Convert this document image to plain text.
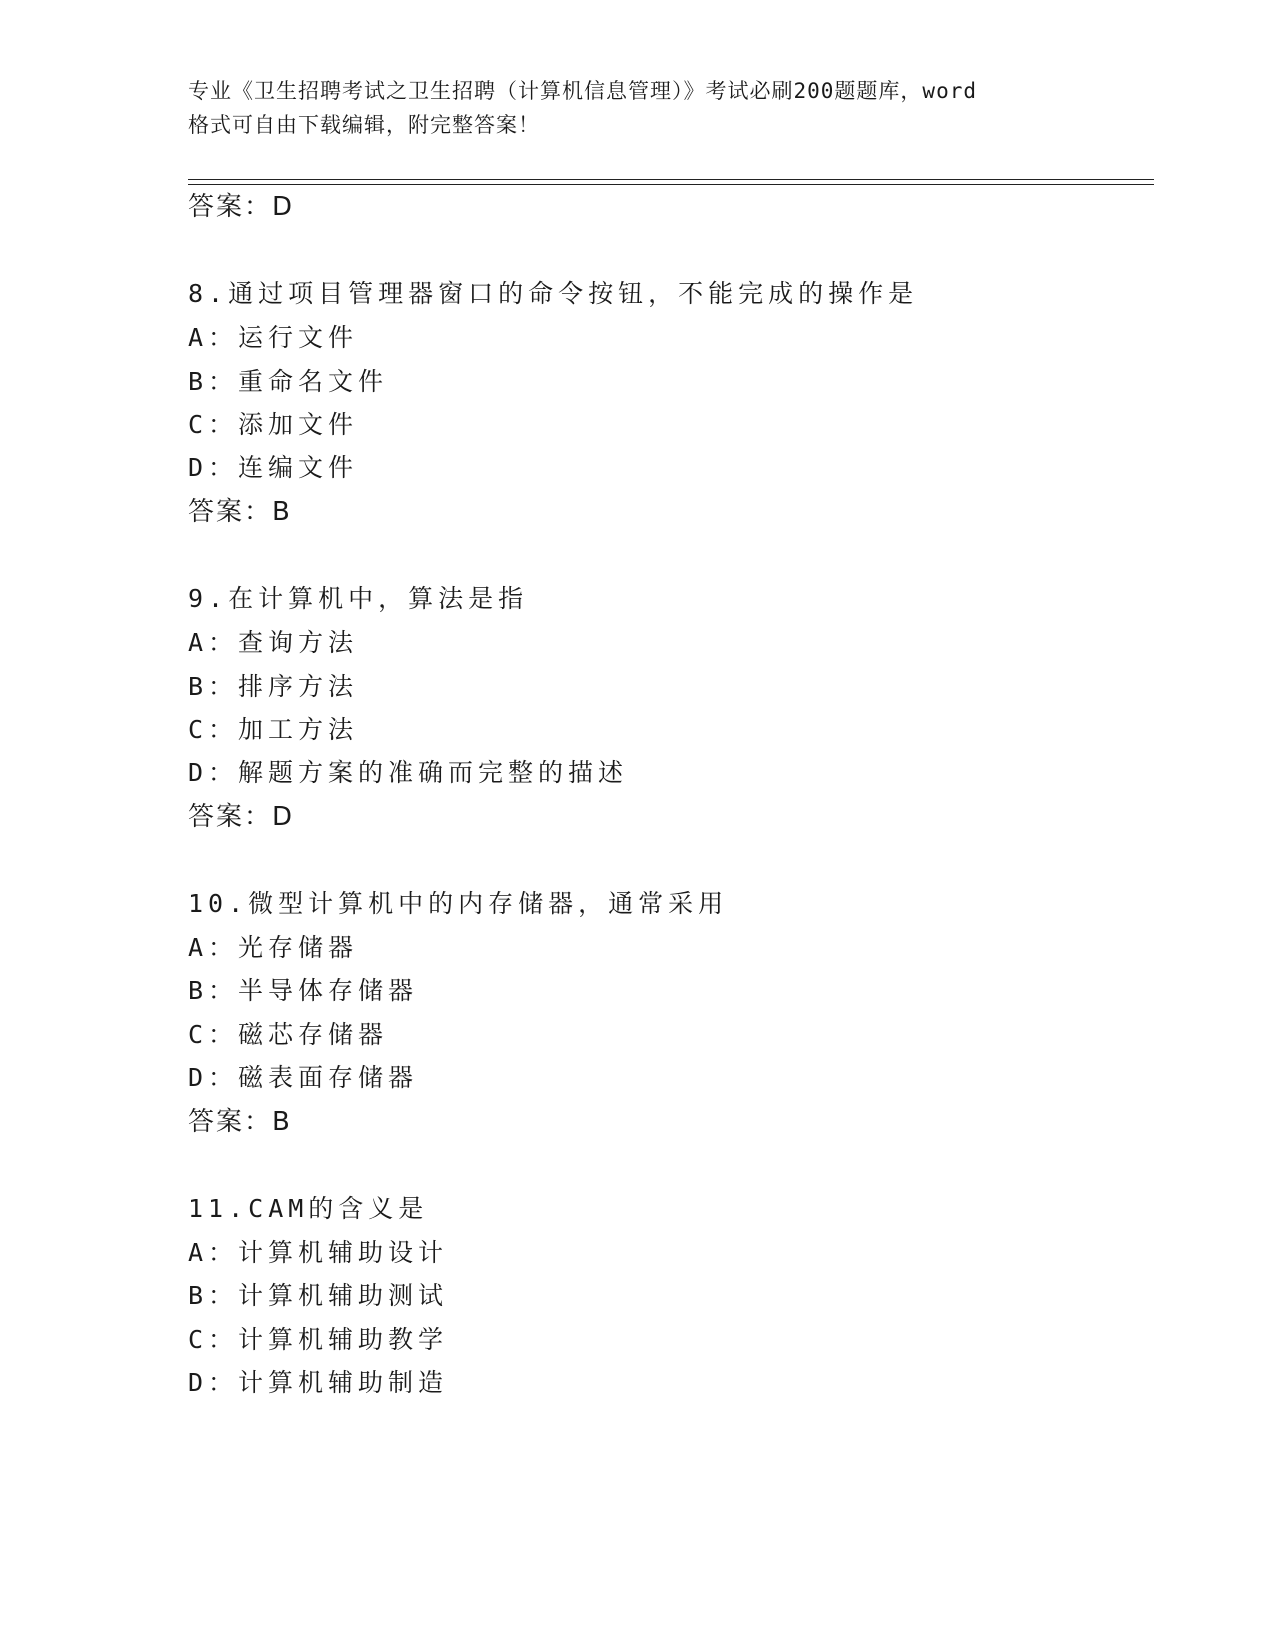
专业《卫生招聘考试之卫生招聘（计算机信息管理）》考试必刷200题题库，word
格式可自由下载编辑，附完整答案！
答案：D
8.通过项目管理器窗口的命令按钮，不能完成的操作是
A：运行文件
B：重命名文件
C：添加文件
D：连编文件
答案：B
9.在计算机中，算法是指
A：查询方法
B：排序方法
C：加工方法
D：解题方案的准确而完整的描述
答案：D
10.微型计算机中的内存储器，通常采用
A：光存储器
B：半导体存储器
C：磁芯存储器
D：磁表面存储器
答案：B
11.CAM的含义是
A：计算机辅助设计
B：计算机辅助测试
C：计算机辅助教学
D：计算机辅助制造
